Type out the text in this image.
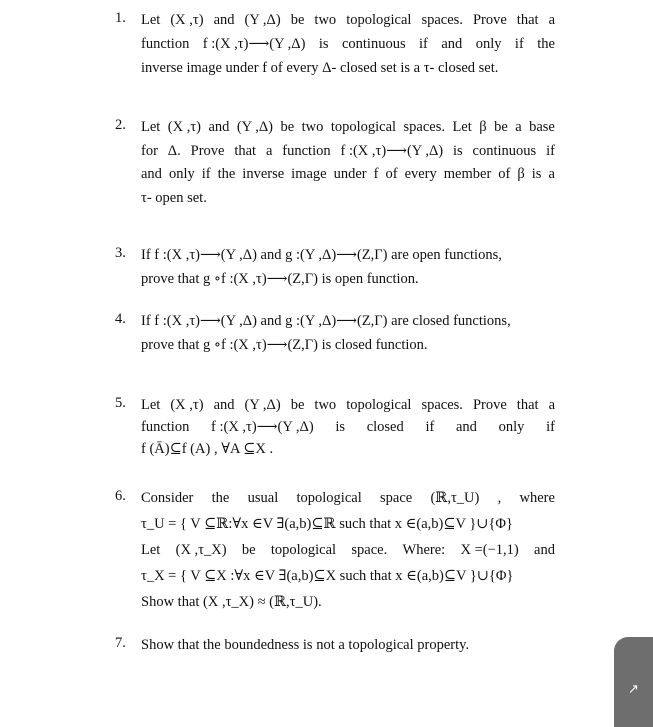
1.	Let (X ,τ) and (Y ,Δ) be two topological spaces. Prove that a
function f :(X ,τ)⟶(Y ,Δ) is continuous if and only if the
inverse image under f of every Δ- closed set is a τ- closed set.
2.	Let (X ,τ) and (Y ,Δ) be two topological spaces. Let β be a base
for Δ. Prove that a function f :(X ,τ)⟶(Y ,Δ) is continuous if
and only if the inverse image under f of every member of β is a
τ- open set.
3.	If f :(X ,τ)⟶(Y ,Δ) and g :(Y ,Δ)⟶(Z,Γ) are open functions,
prove that g ∘f :(X ,τ)⟶(Z,Γ) is open function.
4.	If f :(X ,τ)⟶(Y ,Δ) and g :(Y ,Δ)⟶(Z,Γ) are closed functions,
prove that g ∘f :(X ,τ)⟶(Z,Γ) is closed function.
5.	Let (X ,τ) and (Y ,Δ) be two topological spaces. Prove that a
function f :(X ,τ)⟶(Y ,Δ) is closed if and only if
f (Ā)⊆f (A) , ∀A ⊆X .
6.	Consider the usual topological space (ℝ,τ_U) , where
τ_U = { V ⊆ℝ:∀x ∈V ∃(a,b)⊆ℝ such that x ∈(a,b)⊆V }∪{Φ}
Let (X ,τ_X) be topological space. Where: X =(−1,1) and
τ_X = { V ⊆X :∀x ∈V ∃(a,b)⊆X such that x ∈(a,b)⊆V }∪{Φ}
Show that (X ,τ_X) ≈ (ℝ,τ_U).
7.	Show that the boundedness is not a topological property.
↗
